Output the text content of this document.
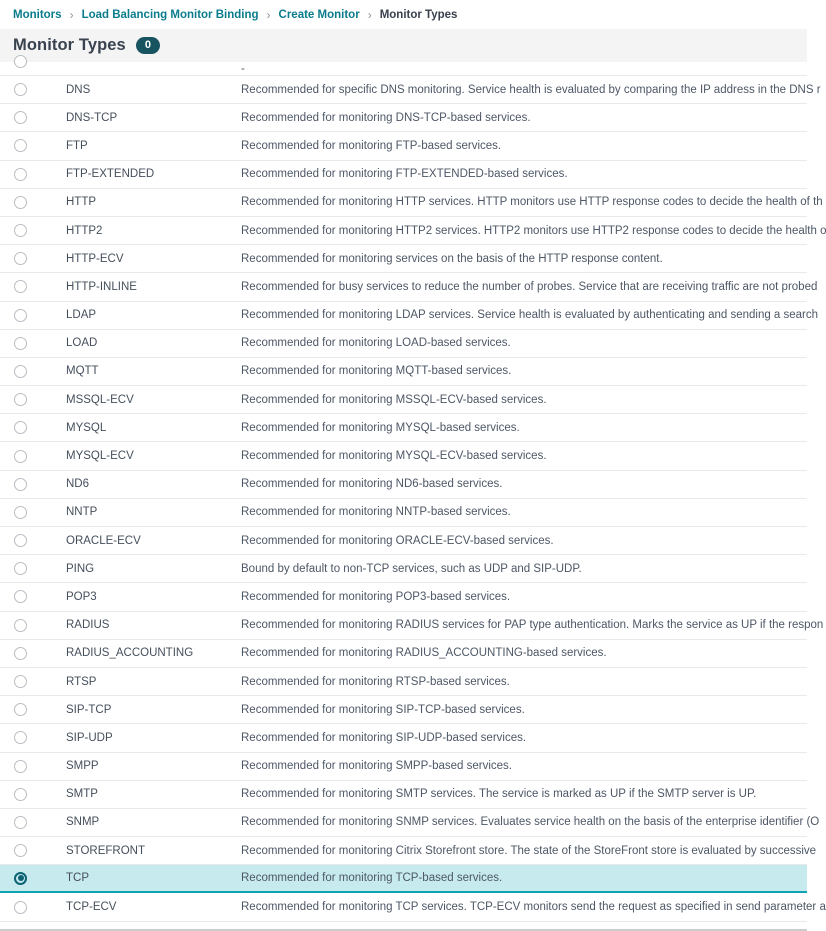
Monitors › Load Balancing Monitor Binding › Create Monitor › Monitor Types
Monitor Types	0
-
DNS	Recommended for specific DNS monitoring. Service health is evaluated by comparing the IP address in the DNS r
DNS-TCP	Recommended for monitoring DNS-TCP-based services.
FTP	Recommended for monitoring FTP-based services.
FTP-EXTENDED	Recommended for monitoring FTP-EXTENDED-based services.
HTTP	Recommended for monitoring HTTP services. HTTP monitors use HTTP response codes to decide the health of th
HTTP2	Recommended for monitoring HTTP2 services. HTTP2 monitors use HTTP2 response codes to decide the health o
HTTP-ECV	Recommended for monitoring services on the basis of the HTTP response content.
HTTP-INLINE	Recommended for busy services to reduce the number of probes. Service that are receiving traffic are not probed
LDAP	Recommended for monitoring LDAP services. Service health is evaluated by authenticating and sending a search
LOAD	Recommended for monitoring LOAD-based services.
MQTT	Recommended for monitoring MQTT-based services.
MSSQL-ECV	Recommended for monitoring MSSQL-ECV-based services.
MYSQL	Recommended for monitoring MYSQL-based services.
MYSQL-ECV	Recommended for monitoring MYSQL-ECV-based services.
ND6	Recommended for monitoring ND6-based services.
NNTP	Recommended for monitoring NNTP-based services.
ORACLE-ECV	Recommended for monitoring ORACLE-ECV-based services.
PING	Bound by default to non-TCP services, such as UDP and SIP-UDP.
POP3	Recommended for monitoring POP3-based services.
RADIUS	Recommended for monitoring RADIUS services for PAP type authentication. Marks the service as UP if the respon
RADIUS_ACCOUNTING	Recommended for monitoring RADIUS_ACCOUNTING-based services.
RTSP	Recommended for monitoring RTSP-based services.
SIP-TCP	Recommended for monitoring SIP-TCP-based services.
SIP-UDP	Recommended for monitoring SIP-UDP-based services.
SMPP	Recommended for monitoring SMPP-based services.
SMTP	Recommended for monitoring SMTP services. The service is marked as UP if the SMTP server is UP.
SNMP	Recommended for monitoring SNMP services. Evaluates service health on the basis of the enterprise identifier (O
STOREFRONT	Recommended for monitoring Citrix Storefront store. The state of the StoreFront store is evaluated by successive
TCP	Recommended for monitoring TCP-based services.
TCP-ECV	Recommended for monitoring TCP services. TCP-ECV monitors send the request as specified in send parameter a
